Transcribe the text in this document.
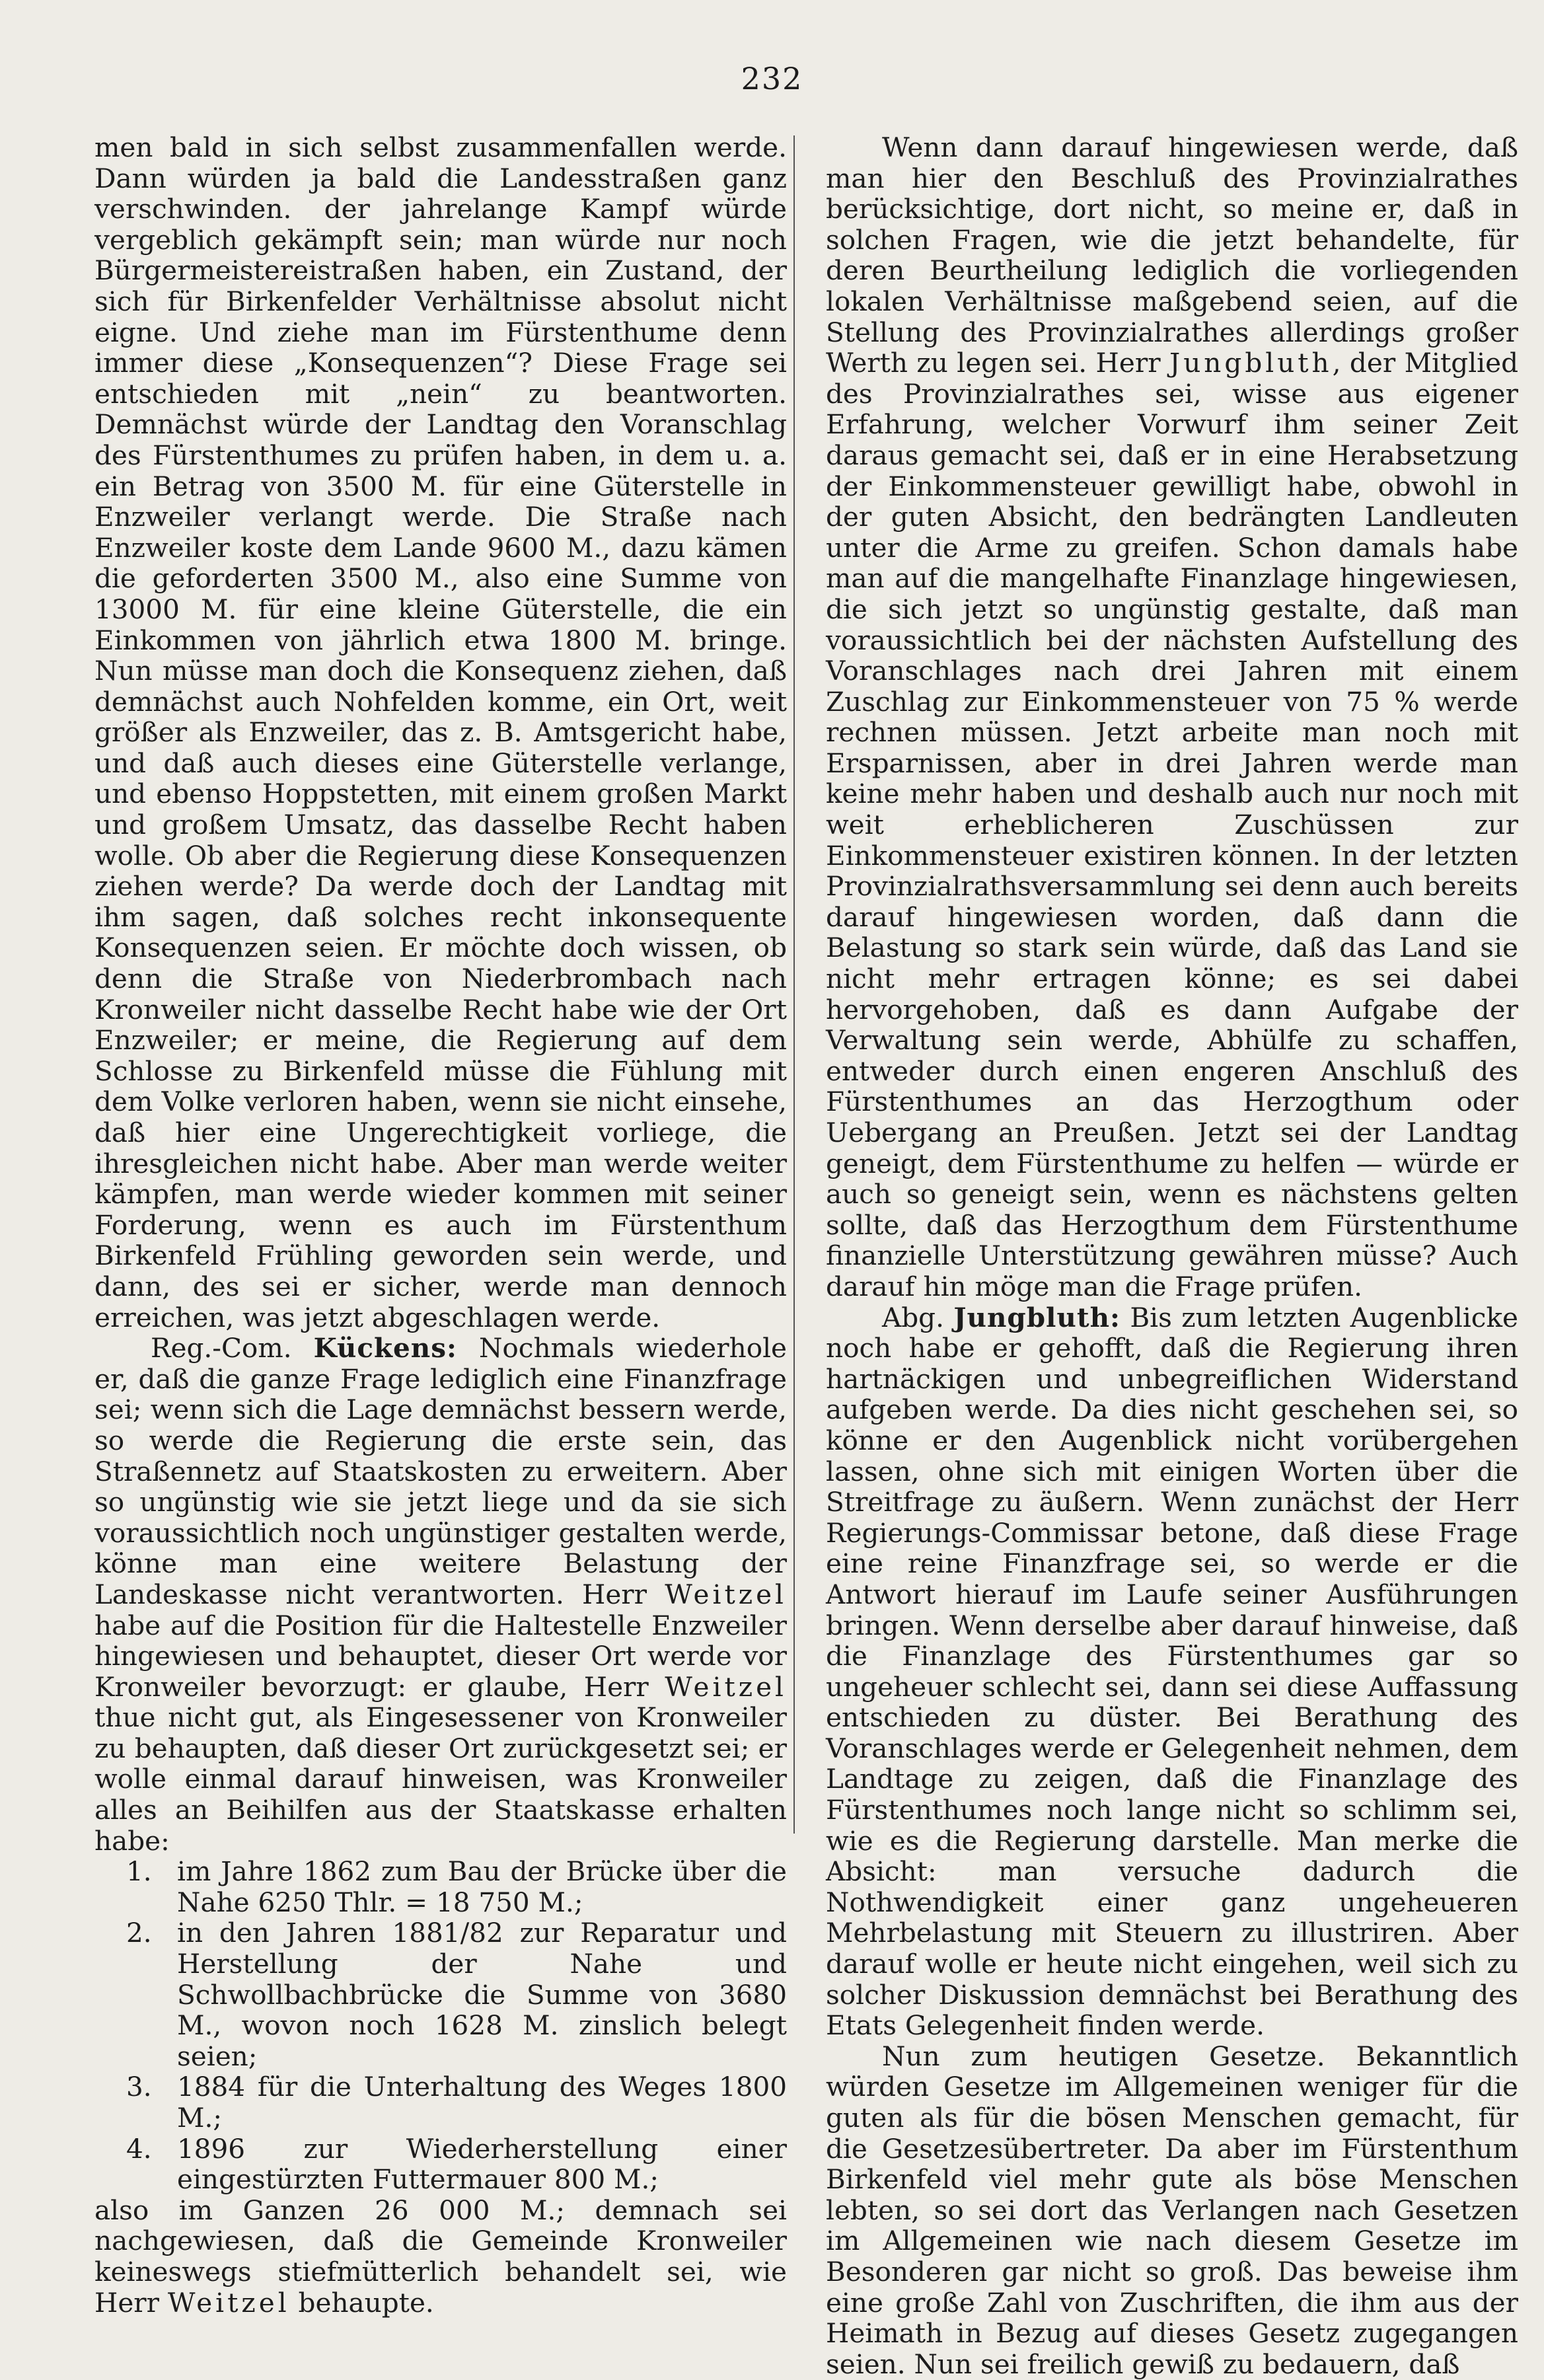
232

men bald in sich selbst zusammenfallen werde. Dann würden ja bald die Landesstraßen ganz verschwinden. der jahrelange Kampf würde vergeblich gekämpft sein; man würde nur noch Bürgermeistereistraßen haben, ein Zustand, der sich für Birkenfelder Verhältnisse absolut nicht eigne. Und ziehe man im Fürstenthume denn immer diese „Konsequenzen“? Diese Frage sei entschieden mit „nein“ zu beantworten. Demnächst würde der Landtag den Voranschlag des Fürstenthumes zu prüfen haben, in dem u. a. ein Betrag von 3500 M. für eine Güterstelle in Enzweiler verlangt werde. Die Straße nach Enzweiler koste dem Lande 9600 M., dazu kämen die geforderten 3500 M., also eine Summe von 13000 M. für eine kleine Güterstelle, die ein Einkommen von jährlich etwa 1800 M. bringe. Nun müsse man doch die Konsequenz ziehen, daß demnächst auch Nohfelden komme, ein Ort, weit größer als Enzweiler, das z. B. Amtsgericht habe, und daß auch dieses eine Güterstelle verlange, und ebenso Hoppstetten, mit einem großen Markt und großem Umsatz, das dasselbe Recht haben wolle. Ob aber die Regierung diese Konsequenzen ziehen werde? Da werde doch der Landtag mit ihm sagen, daß solches recht inkonsequente Konsequenzen seien. Er möchte doch wissen, ob denn die Straße von Niederbrombach nach Kronweiler nicht dasselbe Recht habe wie der Ort Enzweiler; er meine, die Regierung auf dem Schlosse zu Birkenfeld müsse die Fühlung mit dem Volke verloren haben, wenn sie nicht einsehe, daß hier eine Ungerechtigkeit vorliege, die ihresgleichen nicht habe. Aber man werde weiter kämpfen, man werde wieder kommen mit seiner Forderung, wenn es auch im Fürstenthum Birkenfeld Frühling geworden sein werde, und dann, des sei er sicher, werde man dennoch erreichen, was jetzt abgeschlagen werde.

Reg.-Com. Kückens: Nochmals wiederhole er, daß die ganze Frage lediglich eine Finanzfrage sei; wenn sich die Lage demnächst bessern werde, so werde die Regierung die erste sein, das Straßennetz auf Staatskosten zu erweitern. Aber so ungünstig wie sie jetzt liege und da sie sich voraussichtlich noch ungünstiger gestalten werde, könne man eine weitere Belastung der Landeskasse nicht verantworten. Herr Weitzel habe auf die Position für die Haltestelle Enzweiler hingewiesen und behauptet, dieser Ort werde vor Kronweiler bevorzugt: er glaube, Herr Weitzel thue nicht gut, als Eingesessener von Kronweiler zu behaupten, daß dieser Ort zurückgesetzt sei; er wolle einmal darauf hinweisen, was Kronweiler alles an Beihilfen aus der Staatskasse erhalten habe:

1. im Jahre 1862 zum Bau der Brücke über die Nahe 6250 Thlr. = 18 750 M.;
2. in den Jahren 1881/82 zur Reparatur und Herstellung der Nahe und Schwollbachbrücke die Summe von 3680 M., wovon noch 1628 M. zinslich belegt seien;
3. 1884 für die Unterhaltung des Weges 1800 M.;
4. 1896 zur Wiederherstellung einer eingestürzten Futtermauer 800 M.;

also im Ganzen 26 000 M.; demnach sei nachgewiesen, daß die Gemeinde Kronweiler keineswegs stiefmütterlich behandelt sei, wie Herr Weitzel behaupte.

Wenn dann darauf hingewiesen werde, daß man hier den Beschluß des Provinzialrathes berücksichtige, dort nicht, so meine er, daß in solchen Fragen, wie die jetzt behandelte, für deren Beurtheilung lediglich die vorliegenden lokalen Verhältnisse maßgebend seien, auf die Stellung des Provinzialrathes allerdings großer Werth zu legen sei. Herr Jungbluth, der Mitglied des Provinzialrathes sei, wisse aus eigener Erfahrung, welcher Vorwurf ihm seiner Zeit daraus gemacht sei, daß er in eine Herabsetzung der Einkommensteuer gewilligt habe, obwohl in der guten Absicht, den bedrängten Landleuten unter die Arme zu greifen. Schon damals habe man auf die mangelhafte Finanzlage hingewiesen, die sich jetzt so ungünstig gestalte, daß man voraussichtlich bei der nächsten Aufstellung des Voranschlages nach drei Jahren mit einem Zuschlag zur Einkommensteuer von 75 % werde rechnen müssen. Jetzt arbeite man noch mit Ersparnissen, aber in drei Jahren werde man keine mehr haben und deshalb auch nur noch mit weit erheblicheren Zuschüssen zur Einkommensteuer existiren können. In der letzten Provinzialrathsversammlung sei denn auch bereits darauf hingewiesen worden, daß dann die Belastung so stark sein würde, daß das Land sie nicht mehr ertragen könne; es sei dabei hervorgehoben, daß es dann Aufgabe der Verwaltung sein werde, Abhülfe zu schaffen, entweder durch einen engeren Anschluß des Fürstenthumes an das Herzogthum oder Uebergang an Preußen. Jetzt sei der Landtag geneigt, dem Fürstenthume zu helfen — würde er auch so geneigt sein, wenn es nächstens gelten sollte, daß das Herzogthum dem Fürstenthume finanzielle Unterstützung gewähren müsse? Auch darauf hin möge man die Frage prüfen.

Abg. Jungbluth: Bis zum letzten Augenblicke noch habe er gehofft, daß die Regierung ihren hartnäckigen und unbegreiflichen Widerstand aufgeben werde. Da dies nicht geschehen sei, so könne er den Augenblick nicht vorübergehen lassen, ohne sich mit einigen Worten über die Streitfrage zu äußern. Wenn zunächst der Herr Regierungs-Commissar betone, daß diese Frage eine reine Finanzfrage sei, so werde er die Antwort hierauf im Laufe seiner Ausführungen bringen. Wenn derselbe aber darauf hinweise, daß die Finanzlage des Fürstenthumes gar so ungeheuer schlecht sei, dann sei diese Auffassung entschieden zu düster. Bei Berathung des Voranschlages werde er Gelegenheit nehmen, dem Landtage zu zeigen, daß die Finanzlage des Fürstenthumes noch lange nicht so schlimm sei, wie es die Regierung darstelle. Man merke die Absicht: man versuche dadurch die Nothwendigkeit einer ganz ungeheueren Mehrbelastung mit Steuern zu illustriren. Aber darauf wolle er heute nicht eingehen, weil sich zu solcher Diskussion demnächst bei Berathung des Etats Gelegenheit finden werde.

Nun zum heutigen Gesetze. Bekanntlich würden Gesetze im Allgemeinen weniger für die guten als für die bösen Menschen gemacht, für die Gesetzesübertreter. Da aber im Fürstenthum Birkenfeld viel mehr gute als böse Menschen lebten, so sei dort das Verlangen nach Gesetzen im Allgemeinen wie nach diesem Gesetze im Besonderen gar nicht so groß. Das beweise ihm eine große Zahl von Zuschriften, die ihm aus der Heimath in Bezug auf dieses Gesetz zugegangen seien. Nun sei freilich gewiß zu bedauern, daß
